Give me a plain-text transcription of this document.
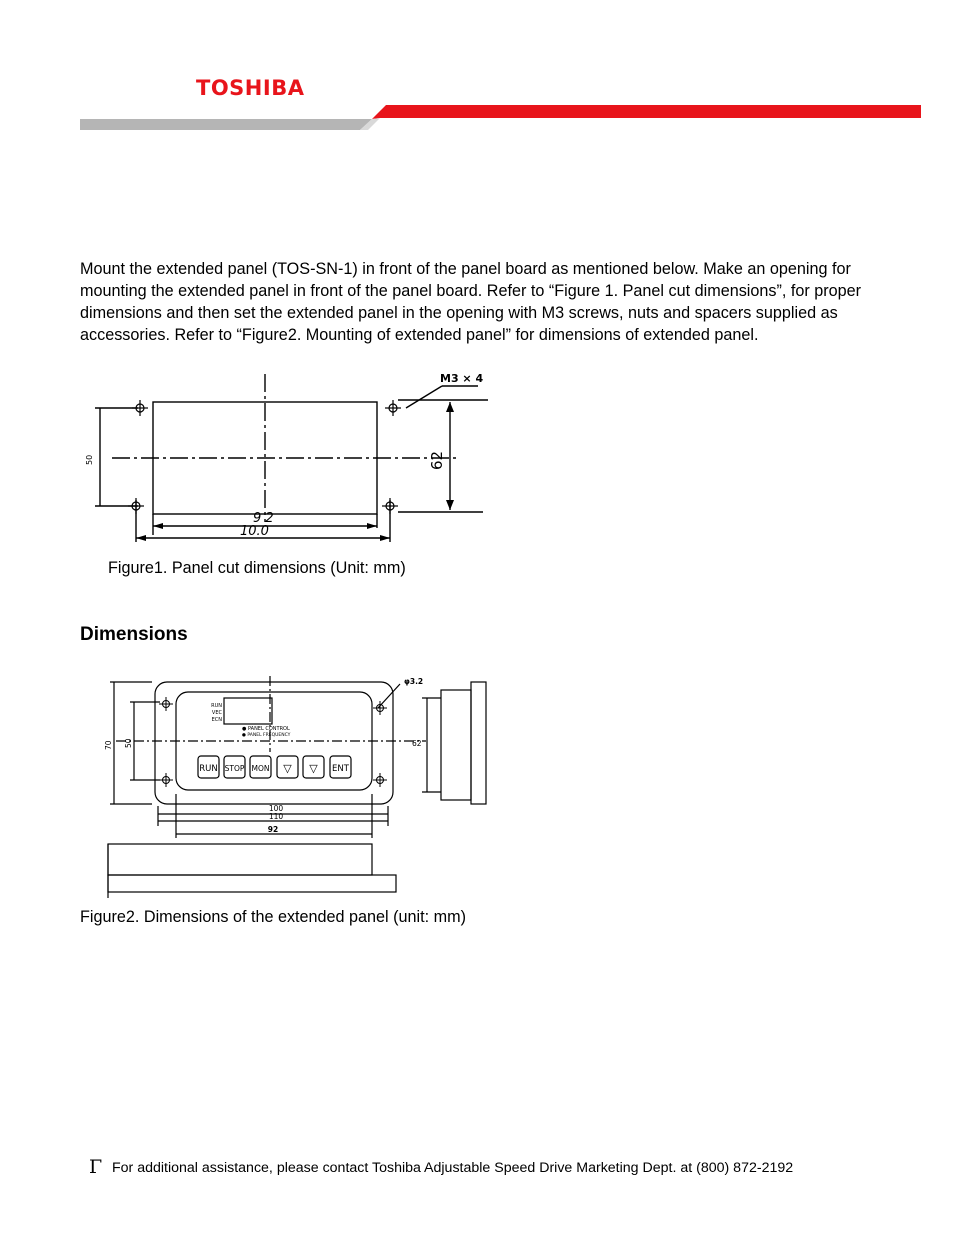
TOSHIBA

Mount the extended panel (TOS-SN-1) in front of the panel board as mentioned below. Make an opening for mounting the extended panel in front of the panel board. Refer to “Figure 1. Panel cut dimensions”, for proper dimensions and then set the extended panel in the opening with M3 screws, nuts and spacers supplied as accessories. Refer to “Figure2. Mounting of extended panel” for dimensions of extended panel.

M3 × 4
62
50
9 2
10.0
Figure1. Panel cut dimensions (Unit: mm)
Dimensions
RUN STOP MON ▽ ▽ ENT
RUN
VEC
ECN
● PANEL CONTROL
● PANEL FREQUENCY
φ3.2
70 50	62
100
110
92
Figure2. Dimensions of the extended panel (unit: mm)
Γ For additional assistance, please contact Toshiba Adjustable Speed Drive Marketing Dept. at (800) 872-2192
